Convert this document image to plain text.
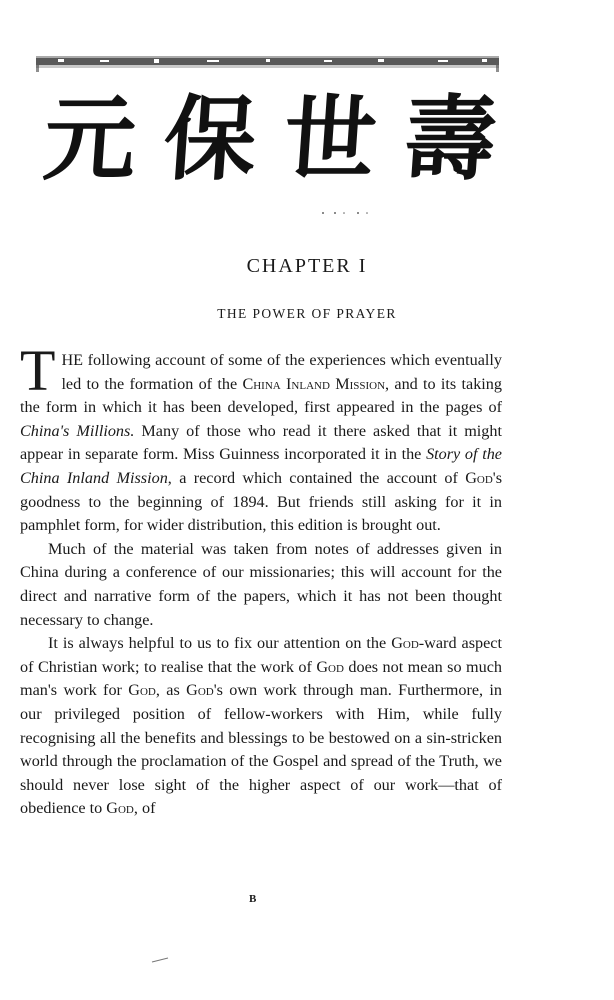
元 保 世 壽
CHAPTER I
THE POWER OF PRAYER

THE following account of some of the experiences which eventually led to the formation of the China Inland Mission, and to its taking the form in which it has been developed, first appeared in the pages of China's Millions. Many of those who read it there asked that it might appear in separate form. Miss Guinness incorporated it in the Story of the China Inland Mission, a record which contained the account of God's goodness to the beginning of 1894. But friends still asking for it in pamphlet form, for wider distribution, this edition is brought out.

Much of the material was taken from notes of addresses given in China during a conference of our missionaries; this will account for the direct and narrative form of the papers, which it has not been thought necessary to change.

It is always helpful to us to fix our attention on the God-ward aspect of Christian work; to realise that the work of God does not mean so much man's work for God, as God's own work through man. Furthermore, in our privileged position of fellow-workers with Him, while fully recognising all the benefits and blessings to be bestowed on a sin-stricken world through the proclamation of the Gospel and spread of the Truth, we should never lose sight of the higher aspect of our work—that of obedience to God, of

B
